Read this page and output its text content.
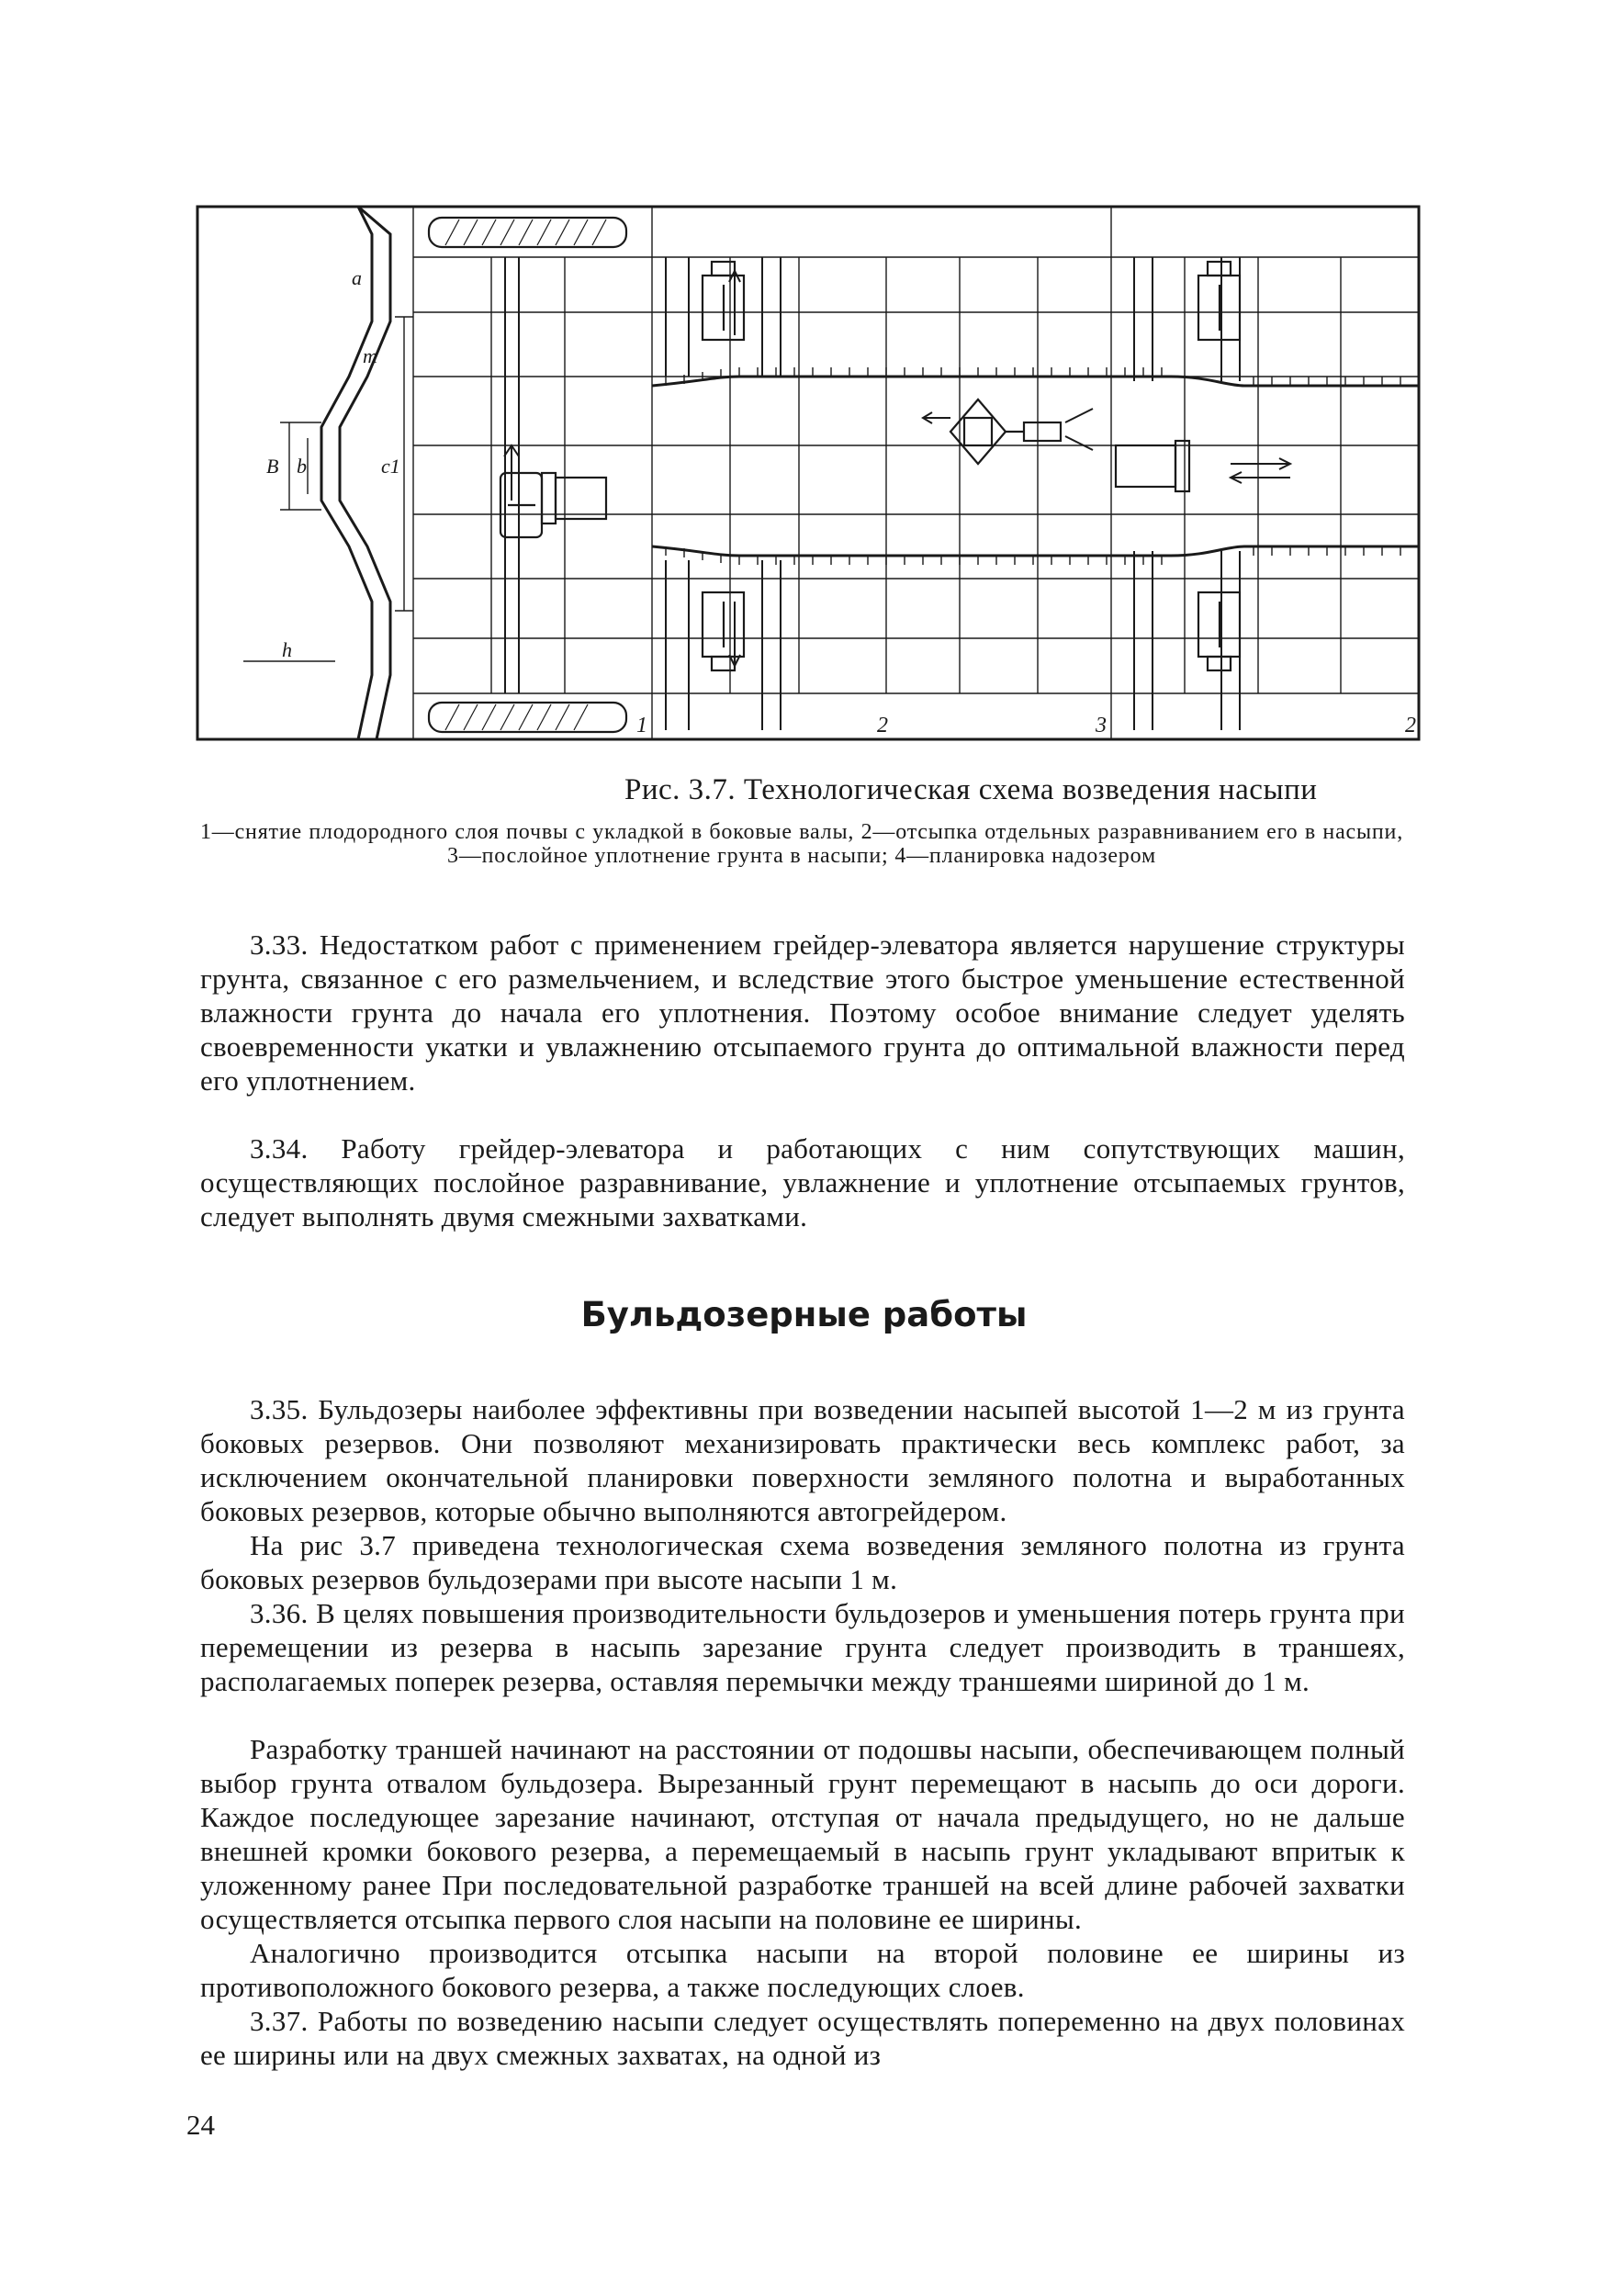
a
m
B b	c1
h
1	2	3	2
Рис. 3.7. Технологическая схема возведения насыпи
1—снятие плодородного слоя почвы с укладкой в боковые валы, 2—отсыпка отдельных разравниванием его в насыпи, 3—послойное уплотнение грунта в насыпи; 4—планировка надозером

3.33. Недостатком работ с применением грейдер-элеватора является нарушение структуры грунта, связанное с его размельчением, и вследствие этого быстрое уменьшение естественной влажности грунта до начала его уплотнения. Поэтому особое внимание следует уделять своевременности укатки и увлажнению отсыпаемого грунта до оптимальной влажности перед его уплотнением.

3.34. Работу грейдер-элеватора и работающих с ним сопутствующих машин, осуществляющих послойное разравнивание, увлажнение и уплотнение отсыпаемых грунтов, следует выполнять двумя смежными захватками.

Бульдозерные работы

3.35. Бульдозеры наиболее эффективны при возведении насыпей высотой 1—2 м из грунта боковых резервов. Они позволяют механизировать практически весь комплекс работ, за исключением окончательной планировки поверхности земляного полотна и выработанных боковых резервов, которые обычно выполняются автогрейдером.

На рис 3.7 приведена технологическая схема возведения земляного полотна из грунта боковых резервов бульдозерами при высоте насыпи 1 м.

3.36. В целях повышения производительности бульдозеров и уменьшения потерь грунта при перемещении из резерва в насыпь зарезание грунта следует производить в траншеях, располагаемых поперек резерва, оставляя перемычки между траншеями шириной до 1 м.

Разработку траншей начинают на расстоянии от подошвы насыпи, обеспечивающем полный выбор грунта отвалом бульдозера. Вырезанный грунт перемещают в насыпь до оси дороги. Каждое последующее зарезание начинают, отступая от начала предыдущего, но не дальше внешней кромки бокового резерва, а перемещаемый в насыпь грунт укладывают впритык к уложенному ранее При последовательной разработке траншей на всей длине рабочей захватки осуществляется отсыпка первого слоя насыпи на половине ее ширины.

Аналогично производится отсыпка насыпи на второй половине ее ширины из противоположного бокового резерва, а также последующих слоев.

3.37. Работы по возведению насыпи следует осуществлять попеременно на двух половинах ее ширины или на двух смежных захватах, на одной из

24
